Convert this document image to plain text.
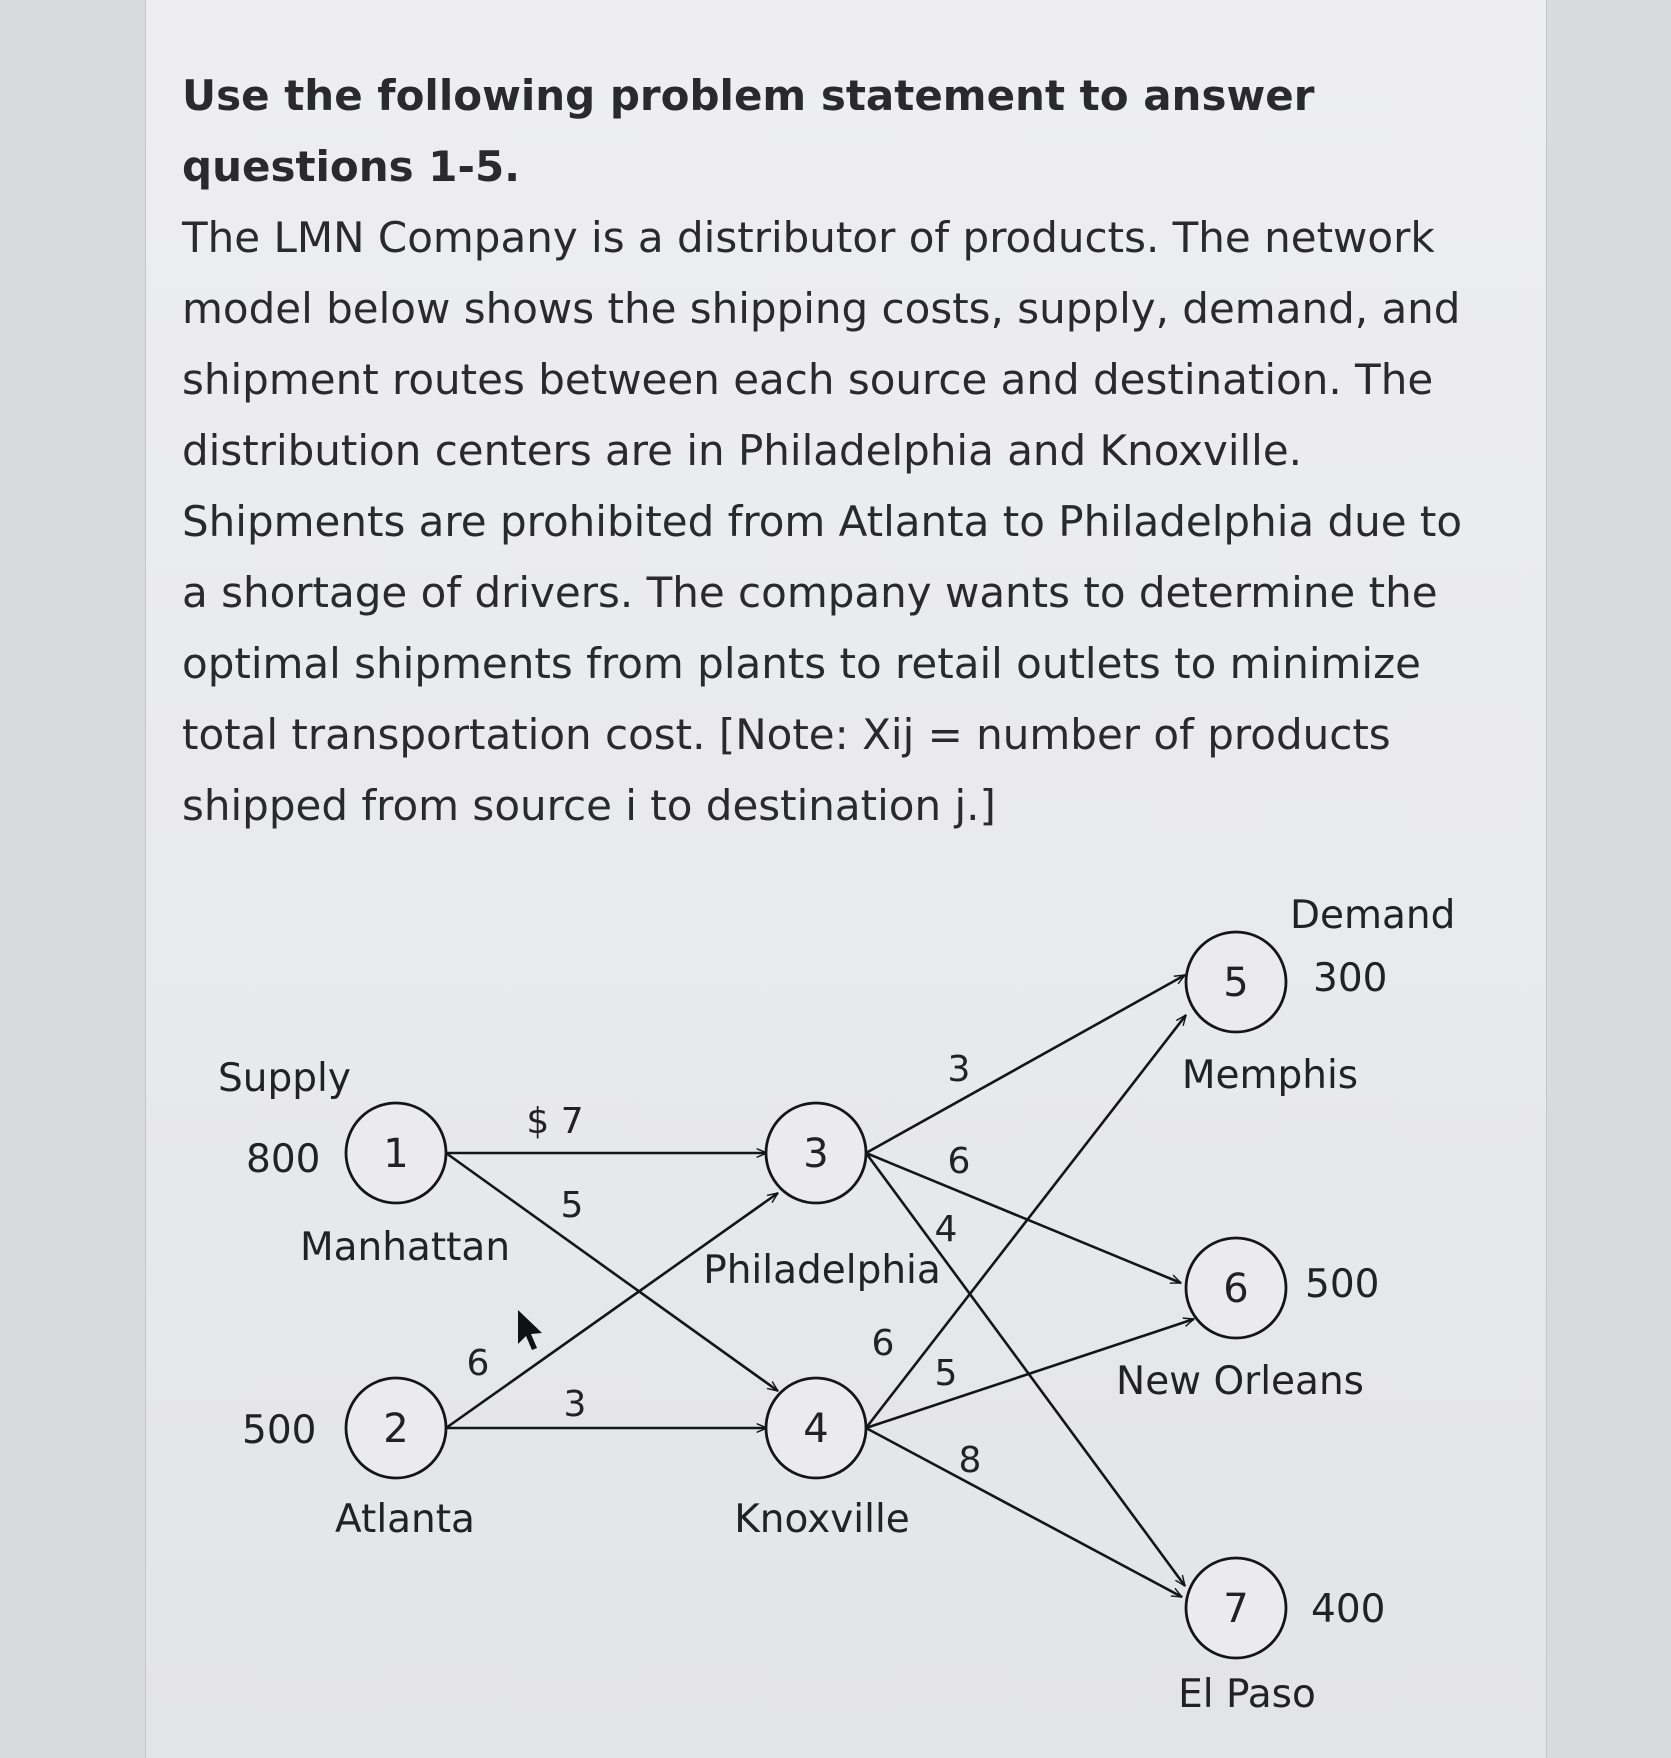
Use the following problem statement to answer questions 1-5.

The LMN Company is a distributor of products. The network model below shows the shipping costs, supply, demand, and shipment routes between each source and destination. The distribution centers are in Philadelphia and Knoxville. Shipments are prohibited from Atlanta to Philadelphia due to a shortage of drivers. The company wants to determine the optimal shipments from plants to retail outlets to minimize total transportation cost. [Note: Xij = number of products shipped from source i to destination j.]

$ 7
5
6
3
3
6
4
6
5
8
1
2
3
4
5
6
7
Supply
Demand
800
500
300
500
400
Manhattan
Atlanta
Philadelphia
Knoxville
Memphis
New Orleans
El Paso
